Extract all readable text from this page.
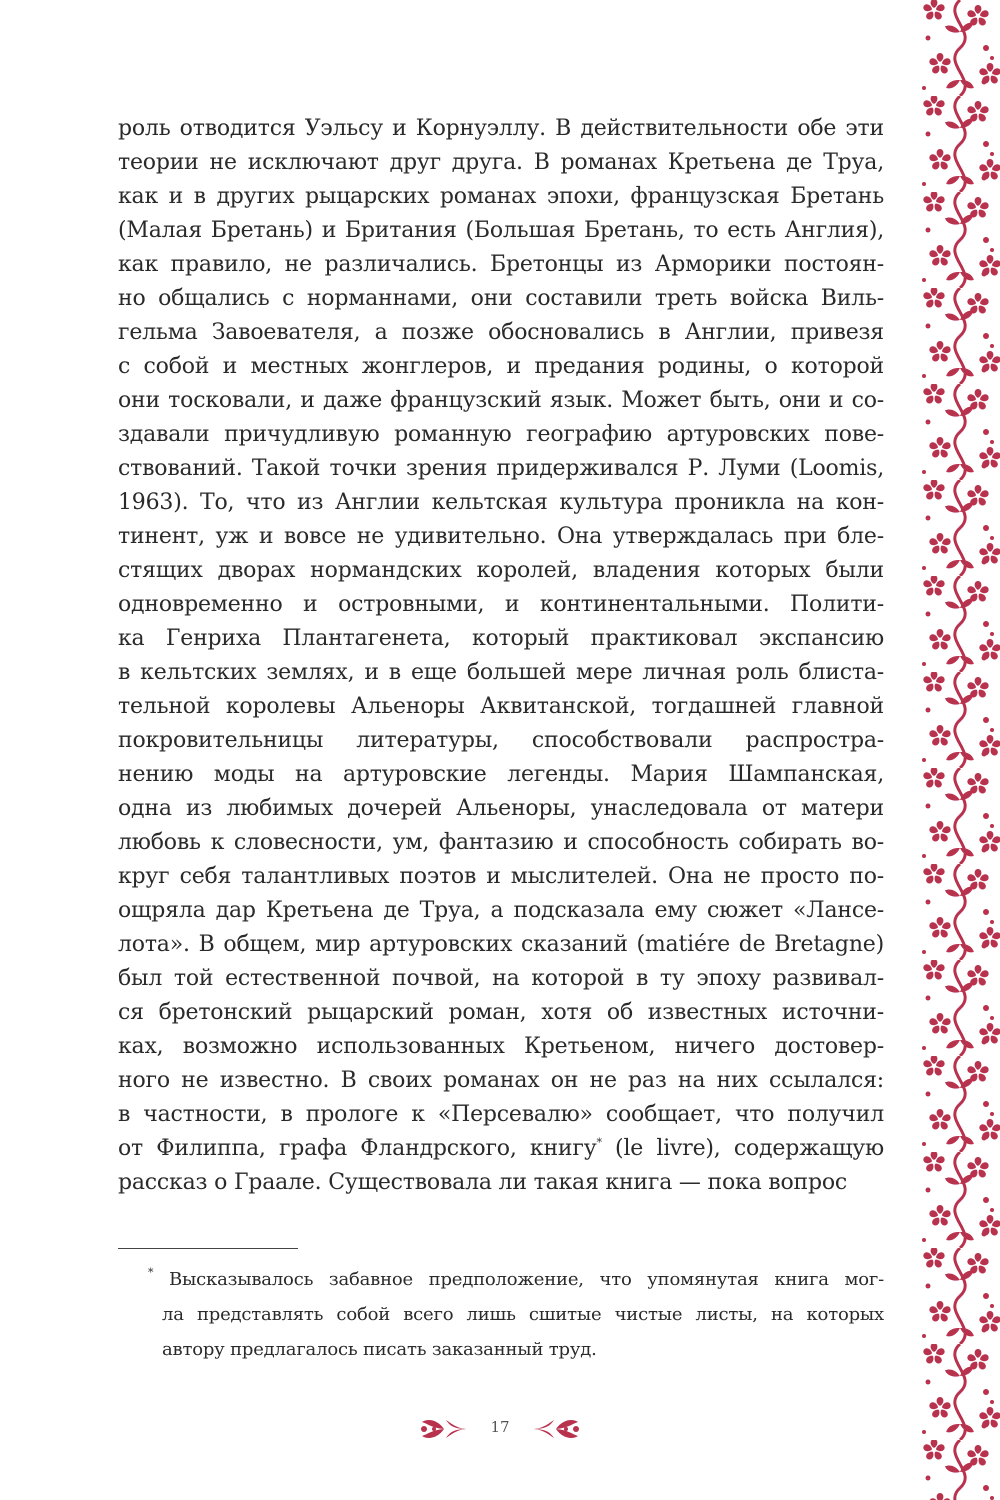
роль отводится Уэльсу и Корнуэллу. В действительности обе эти
теории не исключают друг друга. В романах Кретьена де Труа,
как и в других рыцарских романах эпохи, французская Бретань
(Малая Бретань) и Британия (Большая Бретань, то есть Англия),
как правило, не различались. Бретонцы из Арморики постоян-
но общались с норманнами, они составили треть войска Виль-
гельма Завоевателя, а позже обосновались в Англии, привезя
с собой и местных жонглеров, и предания родины, о которой
они тосковали, и даже французский язык. Может быть, они и со-
здавали причудливую романную географию артуровских пове-
ствований. Такой точки зрения придерживался Р. Луми (Loomis,
1963). То, что из Англии кельтская культура проникла на кон-
тинент, уж и вовсе не удивительно. Она утверждалась при бле-
стящих дворах нормандских королей, владения которых были
одновременно и островными, и континентальными. Полити-
ка Генриха Плантагенета, который практиковал экспансию
в кельтских землях, и в еще большей мере личная роль блиста-
тельной королевы Альеноры Аквитанской, тогдашней главной
покровительницы литературы, способствовали распростра-
нению моды на артуровские легенды. Мария Шампанская,
одна из любимых дочерей Альеноры, унаследовала от матери
любовь к словесности, ум, фантазию и способность собирать во-
круг себя талантливых поэтов и мыслителей. Она не просто по-
ощряла дар Кретьена де Труа, а подсказала ему сюжет «Лансе-
лота». В общем, мир артуровских сказаний (matiére de Bretagne)
был той естественной почвой, на которой в ту эпоху развивал-
ся бретонский рыцарский роман, хотя об известных источни-
ках, возможно использованных Кретьеном, ничего достовер-
ного не известно. В своих романах он не раз на них ссылался:
в частности, в прологе к «Персевалю» сообщает, что получил
от Филиппа, графа Фландрского, книгу* (le livre), содержащую
рассказ о Граале. Существовала ли такая книга — пока вопрос
* Высказывалось забавное предположение, что упомянутая книга мог-
ла представлять собой всего лишь сшитые чистые листы, на которых
автору предлагалось писать заказанный труд.
17
